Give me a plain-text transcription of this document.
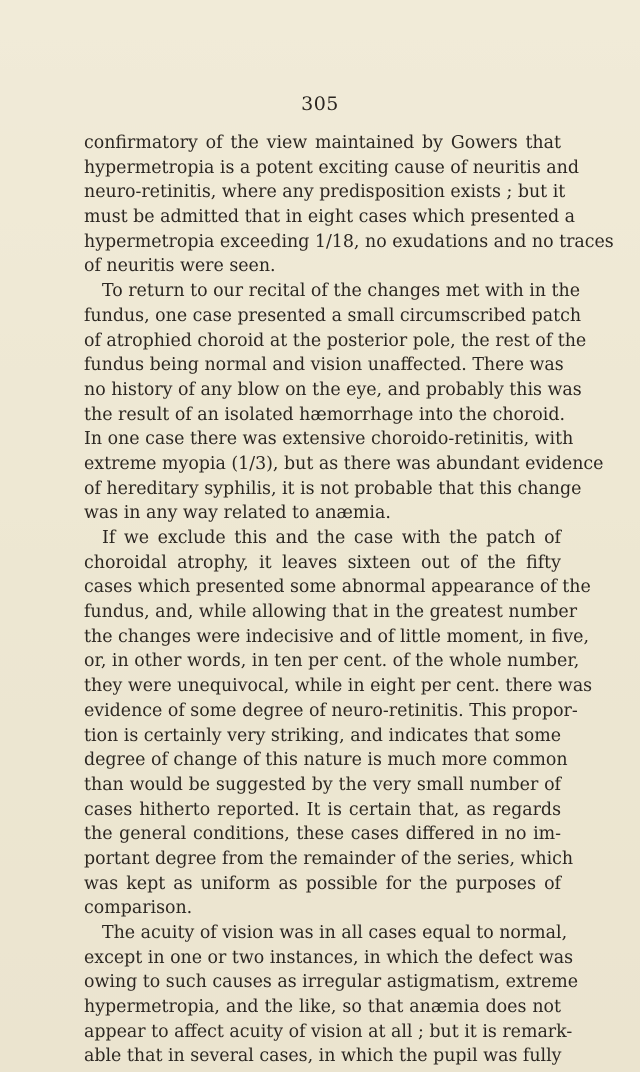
305
confirmatory of the view maintained by Gowers that
hypermetropia is a potent exciting cause of neuritis and
neuro-retinitis, where any predisposition exists ; but it
must be admitted that in eight cases which presented a
hypermetropia exceeding 1/18, no exudations and no traces
of neuritis were seen.
To return to our recital of the changes met with in the
fundus, one case presented a small circumscribed patch
of atrophied choroid at the posterior pole, the rest of the
fundus being normal and vision unaffected. There was
no history of any blow on the eye, and probably this was
the result of an isolated hæmorrhage into the choroid.
In one case there was extensive choroido-retinitis, with
extreme myopia (1/3), but as there was abundant evidence
of hereditary syphilis, it is not probable that this change
was in any way related to anæmia.
If we exclude this and the case with the patch of
choroidal atrophy, it leaves sixteen out of the fifty
cases which presented some abnormal appearance of the
fundus, and, while allowing that in the greatest number
the changes were indecisive and of little moment, in five,
or, in other words, in ten per cent. of the whole number,
they were unequivocal, while in eight per cent. there was
evidence of some degree of neuro-retinitis. This propor-
tion is certainly very striking, and indicates that some
degree of change of this nature is much more common
than would be suggested by the very small number of
cases hitherto reported. It is certain that, as regards
the general conditions, these cases differed in no im-
portant degree from the remainder of the series, which
was kept as uniform as possible for the purposes of
comparison.
The acuity of vision was in all cases equal to normal,
except in one or two instances, in which the defect was
owing to such causes as irregular astigmatism, extreme
hypermetropia, and the like, so that anæmia does not
appear to affect acuity of vision at all ; but it is remark-
able that in several cases, in which the pupil was fully
